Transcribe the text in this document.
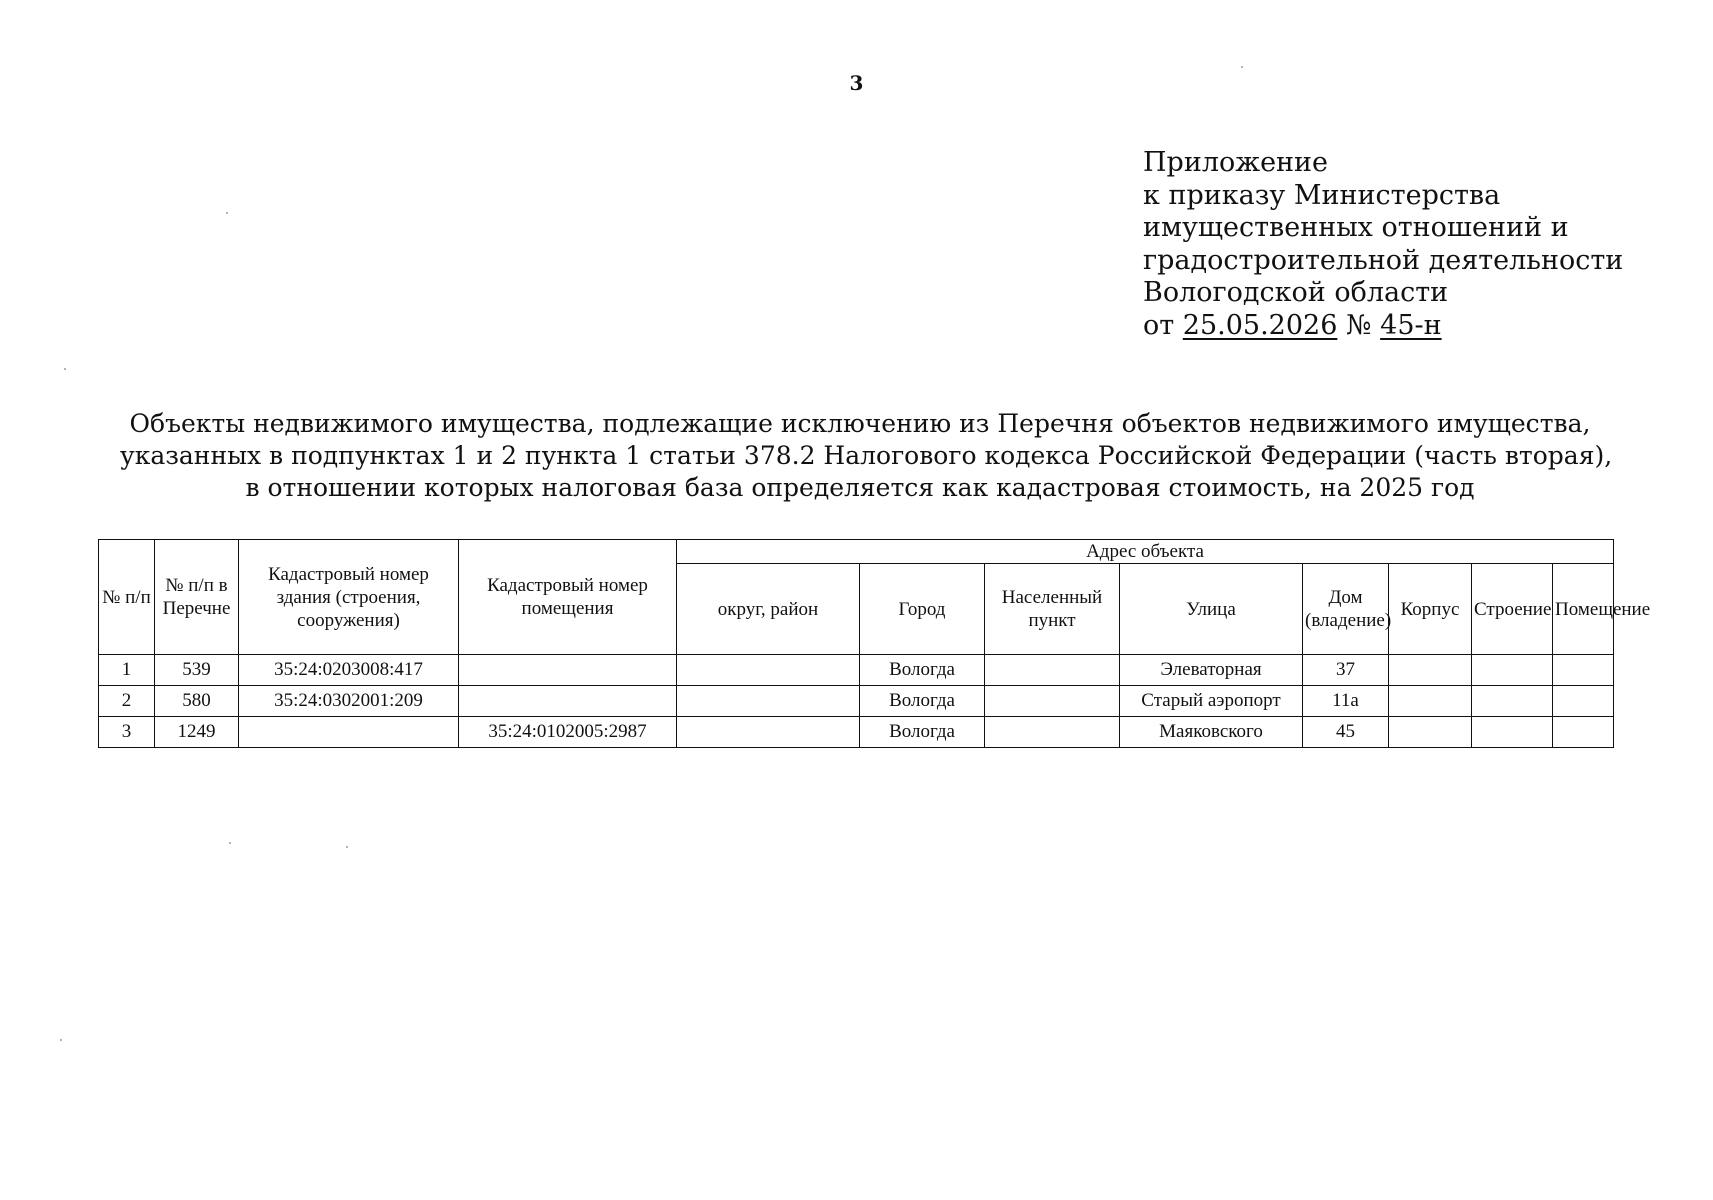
3
Приложение
к приказу Министерства
имущественных отношений и
градостроительной деятельности
Вологодской области
от 25.05.2026 № 45-н
Объекты недвижимого имущества, подлежащие исключению из Перечня объектов недвижимого имущества,
указанных в подпунктах 1 и 2 пункта 1 статьи 378.2 Налогового кодекса Российской Федерации (часть вторая),
в отношении которых налоговая база определяется как кадастровая стоимость, на 2025 год
№ п/п	№ п/п в Перечне	Кадастровый номер здания (строения, сооружения)	Кадастровый номер помещения	Адрес объекта							
				округ, район	Город	Населенный пункт	Улица	Дом (владение)	Корпус	Строение	Помещение
1	539	35:24:0203008:417			Вологда		Элеваторная	37			
2	580	35:24:0302001:209			Вологда		Старый аэропорт	11а			
3	1249		35:24:0102005:2987		Вологда		Маяковского	45			
